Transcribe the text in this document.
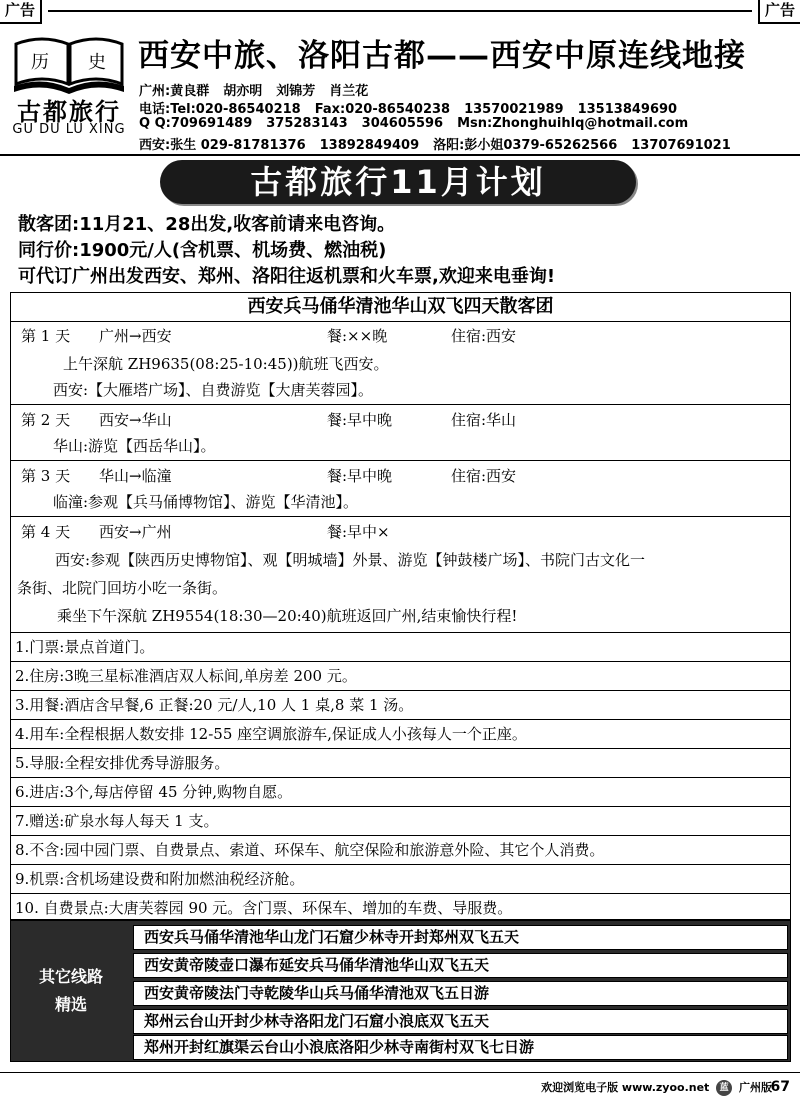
广告	广告
历 史
古都旅行
GU DU LU XING
西安中旅、洛阳古都——西安中原连线地接
广州:黄良群 胡亦明 刘锦芳 肖兰花
电话:Tel:020-86540218 Fax:020-86540238 13570021989 13513849690
Q Q:709691489 375283143 304605596 Msn:Zhonghuihlq@hotmail.com
西安:张生 029-81781376 13892849409 洛阳:彭小姐0379-65262566 13707691021
古都旅行11月计划
散客团:11月21、28出发,收客前请来电咨询。
同行价:1900元/人(含机票、机场费、燃油税)
可代订广州出发西安、郑州、洛阳往返机票和火车票,欢迎来电垂询!
西安兵马俑华清池华山双飞四天散客团
第 1 天 广州→西安	餐:××晚	住宿:西安
上午深航 ZH9635(08:25-10:45))航班飞西安。
西安:【大雁塔广场】、自费游览【大唐芙蓉园】。
第 2 天 西安→华山	餐:早中晚	住宿:华山
华山:游览【西岳华山】。
第 3 天 华山→临潼	餐:早中晚	住宿:西安
临潼:参观【兵马俑博物馆】、游览【华清池】。
第 4 天 西安→广州	餐:早中×
西安:参观【陕西历史博物馆】、观【明城墙】外景、游览【钟鼓楼广场】、书院门古文化一
条街、北院门回坊小吃一条街。
乘坐下午深航 ZH9554(18:30—20:40)航班返回广州,结束愉快行程!
1.门票:景点首道门。
2.住房:3晚三星标准酒店双人标间,单房差 200 元。
3.用餐:酒店含早餐,6 正餐:20 元/人,10 人 1 桌,8 菜 1 汤。
4.用车:全程根据人数安排 12-55 座空调旅游车,保证成人小孩每人一个正座。
5.导服:全程安排优秀导游服务。
6.进店:3个,每店停留 45 分钟,购物自愿。
7.赠送:矿泉水每人每天 1 支。
8.不含:园中园门票、自费景点、索道、环保车、航空保险和旅游意外险、其它个人消费。
9.机票:含机场建设费和附加燃油税经济舱。
10. 自费景点:大唐芙蓉园 90 元。含门票、环保车、增加的车费、导服费。
其它线路
精选
西安兵马俑华清池华山龙门石窟少林寺开封郑州双飞五天
西安黄帝陵壶口瀑布延安兵马俑华清池华山双飞五天
西安黄帝陵法门寺乾陵华山兵马俑华清池双飞五日游
郑州云台山开封少林寺洛阳龙门石窟小浪底双飞五天
郑州开封红旗渠云台山小浪底洛阳少林寺南街村双飞七日游
欢迎浏览电子版 www.zyoo.net 蓝 广州版
67
